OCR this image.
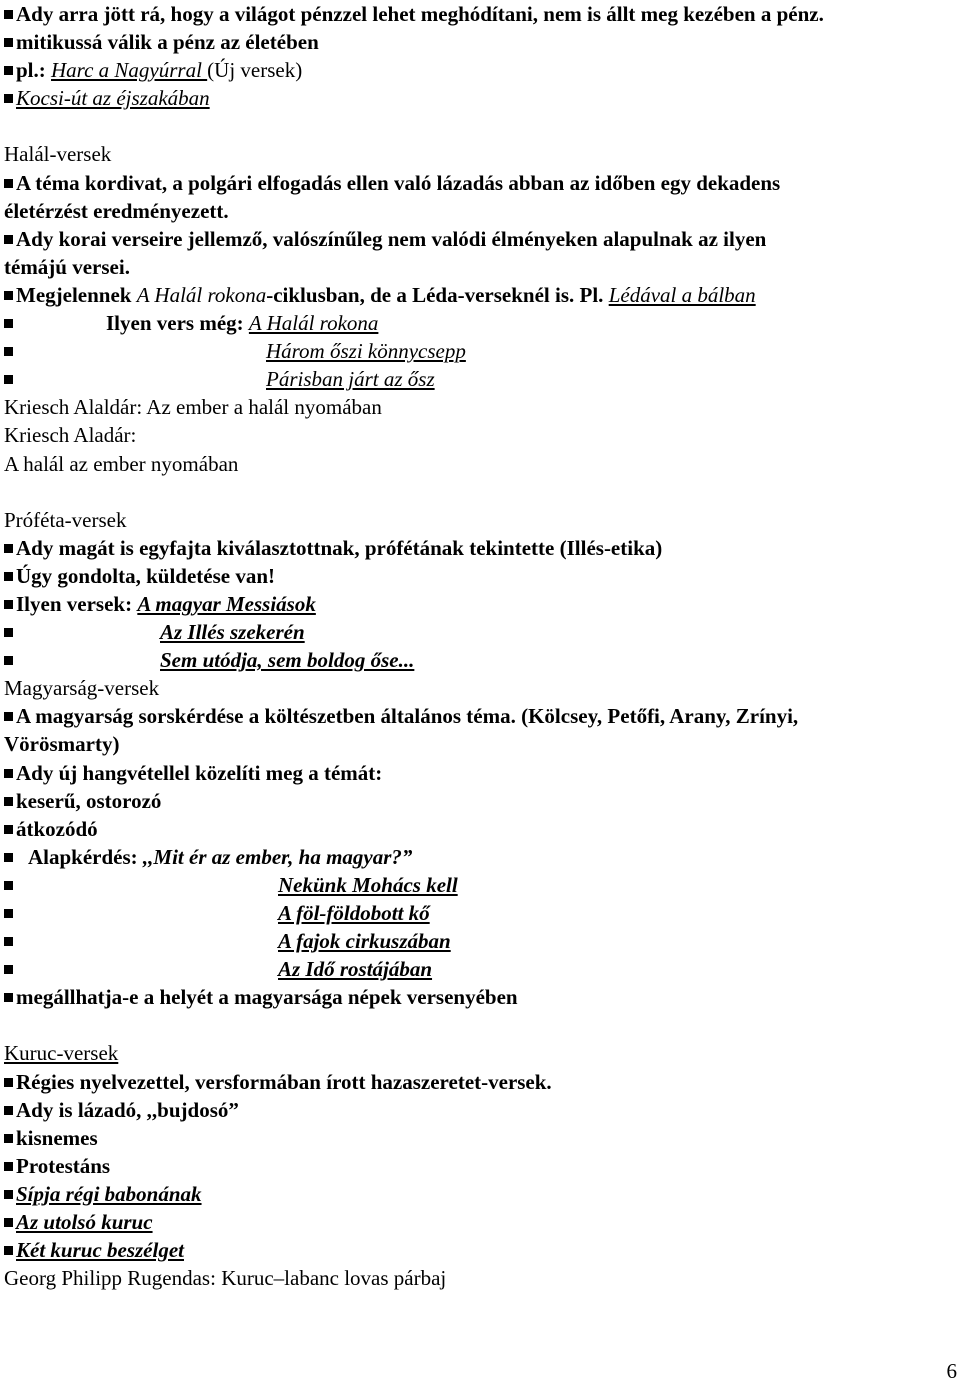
Ady arra jött rá, hogy a világot pénzzel lehet meghódítani, nem is állt meg kezében a pénz.
mitikussá válik a pénz az életében
pl.: Harc a Nagyúrral (Új versek)
Kocsi-út az éjszakában
Halál-versek
A téma kordivat, a polgári elfogadás ellen való lázadás abban az időben egy dekadens
életérzést eredményezett.
Ady korai verseire jellemző, valószínűleg nem valódi élményeken alapulnak az ilyen
témájú versei.
Megjelennek A Halál rokona-ciklusban, de a Léda-verseknél is. Pl. Lédával a bálban
Ilyen vers még: A Halál rokona
Három őszi könnycsepp
Párisban járt az ősz
Kriesch Alaldár: Az ember a halál nyomában
Kriesch Aladár:
A halál az ember nyomában
Próféta-versek
Ady magát is egyfajta kiválasztottnak, prófétának tekintette (Illés-etika)
Úgy gondolta, küldetése van!
Ilyen versek: A magyar Messiások
Az Illés szekerén
Sem utódja, sem boldog őse...
Magyarság-versek
A magyarság sorskérdése a költészetben általános téma. (Kölcsey, Petőfi, Arany, Zrínyi,
Vörösmarty)
Ady új hangvétellel közelíti meg a témát:
keserű, ostorozó
átkozódó
Alapkérdés: ,,Mit ér az ember, ha magyar?”
Nekünk Mohács kell
A föl-földobott kő
A fajok cirkuszában
Az Idő rostájában
megállhatja-e a helyét a magyarsága népek versenyében
Kuruc-versek
Régies nyelvezettel, versformában írott hazaszeretet-versek.
Ady is lázadó, ,,bujdosó”
kisnemes
Protestáns
Sípja régi babonának
Az utolsó kuruc
Két kuruc beszélget
Georg Philipp Rugendas: Kuruc–labanc lovas párbaj
6
